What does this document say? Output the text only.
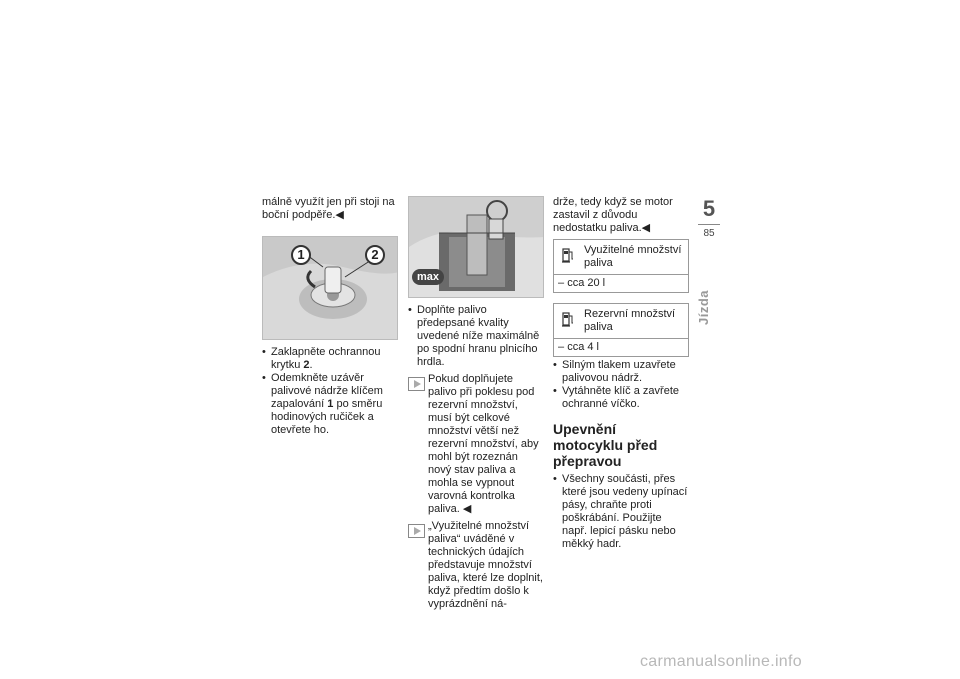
málně využít jen při stoji na boční podpěře.◀
1	2
• Zaklapněte ochrannou krytku 2.
• Odemkněte uzávěr palivové nádrže klíčem zapalování 1 po směru hodinových ručiček a otevřete ho.
max
• Doplňte palivo předepsané kvality uvedené níže maximálně po spodní hranu plnicího hrdla.
Pokud doplňujete palivo při poklesu pod rezervní množství, musí být celkové množství větší než rezervní množství, aby mohl být rozeznán nový stav paliva a mohla se vypnout varovná kontrolka paliva. ◀
„Využitelné množství paliva“ uváděné v technických údajích představuje množství paliva, které lze doplnit, když předtím došlo k vyprázdnění ná-
drže, tedy když se motor zastavil z důvodu nedostatku paliva.◀
Využitelné množství paliva
– cca 20 l
Rezervní množství paliva
– cca 4 l
• Silným tlakem uzavřete palivovou nádrž.
• Vytáhněte klíč a zavřete ochranné víčko.
Upevnění motocyklu před přepravou
• Všechny součásti, přes které jsou vedeny upínací pásy, chraňte proti poškrábání. Použijte např. lepicí pásku nebo měkký hadr.
5
85
Jízda
carmanualsonline.info
